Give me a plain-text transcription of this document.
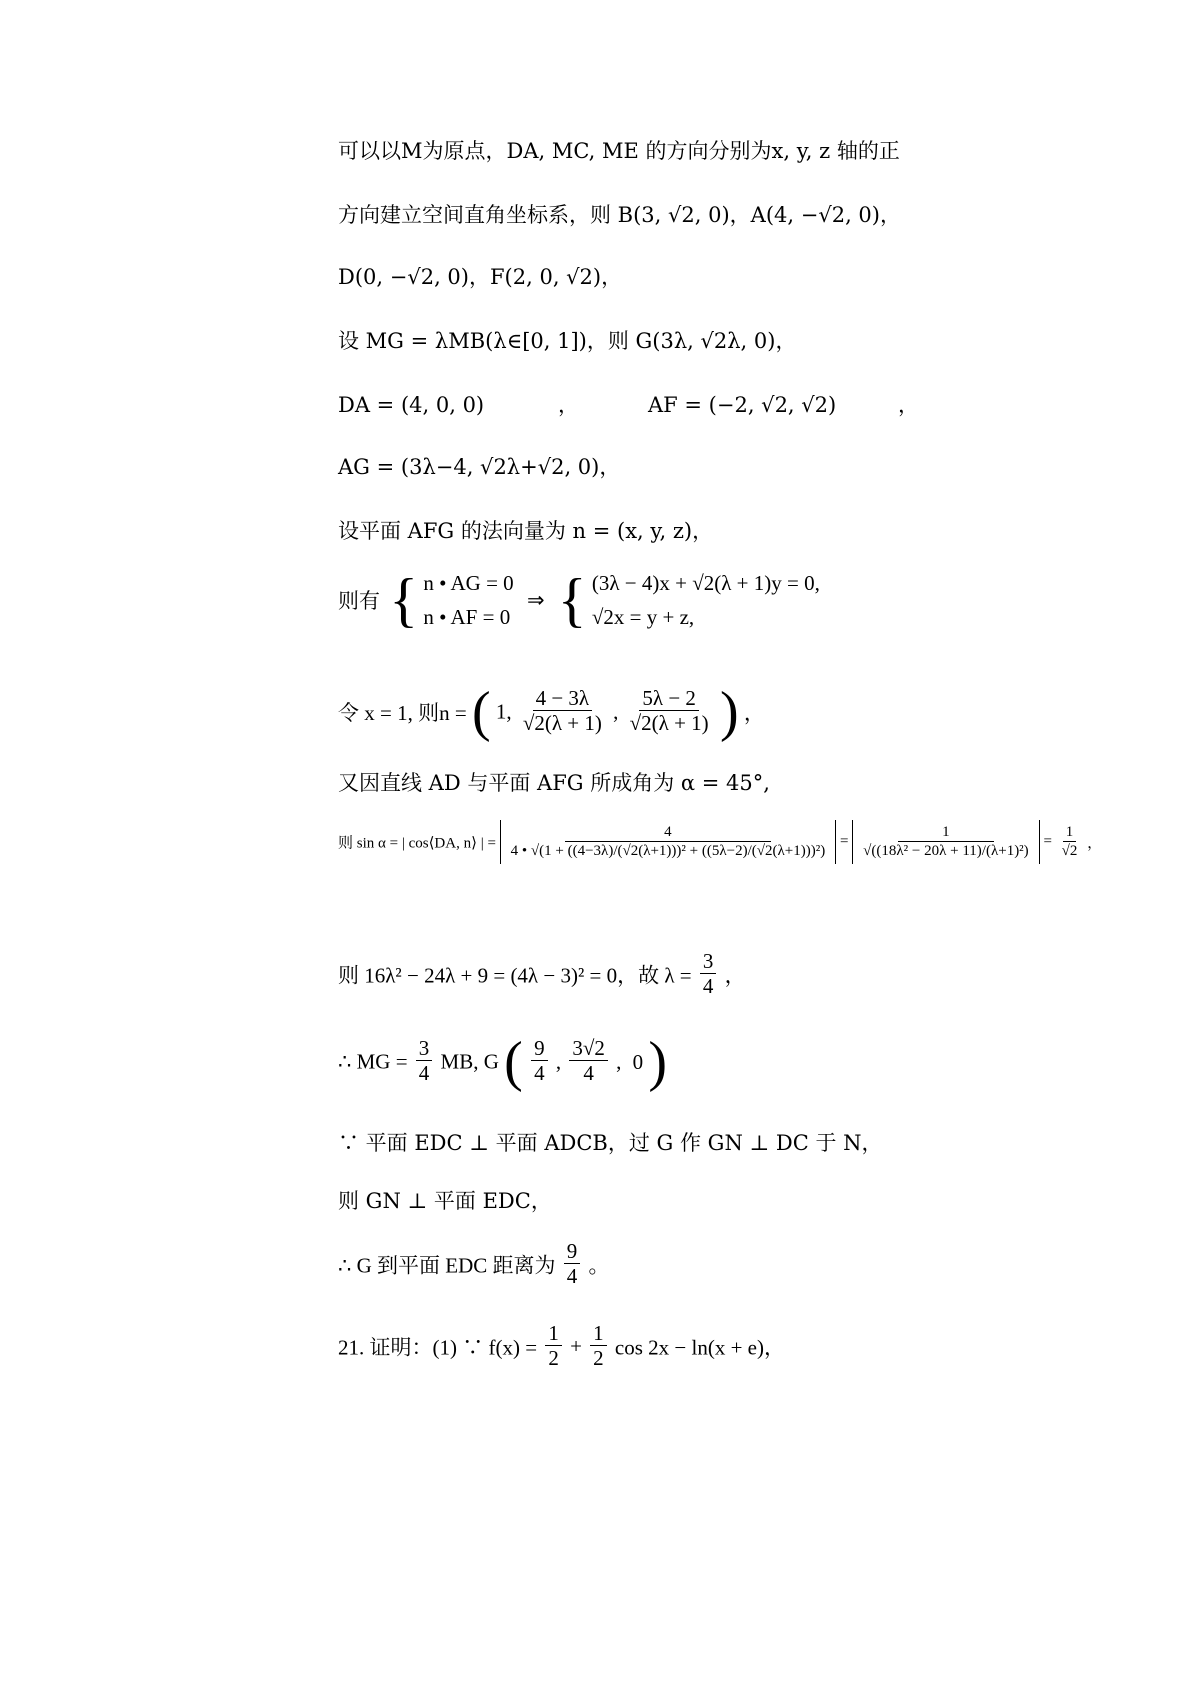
可以以M为原点，DA, MC, ME 的方向分别为x, y, z 轴的正
方向建立空间直角坐标系，则 B(3, √2, 0)，A(4, −√2, 0)，
D(0, −√2, 0)，F(2, 0, √2)，
设 MG = λMB(λ∈[0, 1])，则 G(3λ, √2λ, 0)，
DA = (4, 0, 0)	，	AF = (−2, √2, √2)	，
AG = (3λ−4, √2λ+√2, 0)，
设平面 AFG 的法向量为 n = (x, y, z)，
则有 { n • AG = 0
n • AF = 0
⇒ { (3λ − 4)x + √2(λ + 1)y = 0,
√2x = y + z,
令 x = 1, 则n = ( 1, $\frac{4 - 3\lambda}{√2(\lambda + 1)}$ , $\frac{5\lambda - 2}{√2(\lambda + 1)}$ ) ，
又因直线 AD 与平面 AFG 所成角为 α = 45°,
则 sin α = | cos⟨DA, n⟩ | = $\frac{4}{\text{4 • √(1 + ((4−3λ)/(√2(λ+1)))² + ((5λ−2)/(√2(λ+1)))²)}} = \frac{1}{\text{√((18λ² − 20λ + 11)/(λ+1)²)}} = \frac{1}{√2}$ ，
则 16λ² − 24λ + 9 = (4λ − 3)² = 0，故 $\lambda = \frac{3}{4}$ ，
∴ MG = $\frac{3}{4}$ MB, G ( $\frac{9}{4}$ , $\frac{3√2}{4}$ , 0 )
∵ 平面 EDC ⊥ 平面 ADCB，过 G 作 GN ⊥ DC 于 N，
则 GN ⊥ 平面 EDC，
∴ G 到平面 EDC 距离为 $\frac{9}{4}$ 。
21. 证明：(1) ∵ $f(x) = \frac{1}{2} + \frac{1}{2}$ cos 2x − ln(x + e)，
